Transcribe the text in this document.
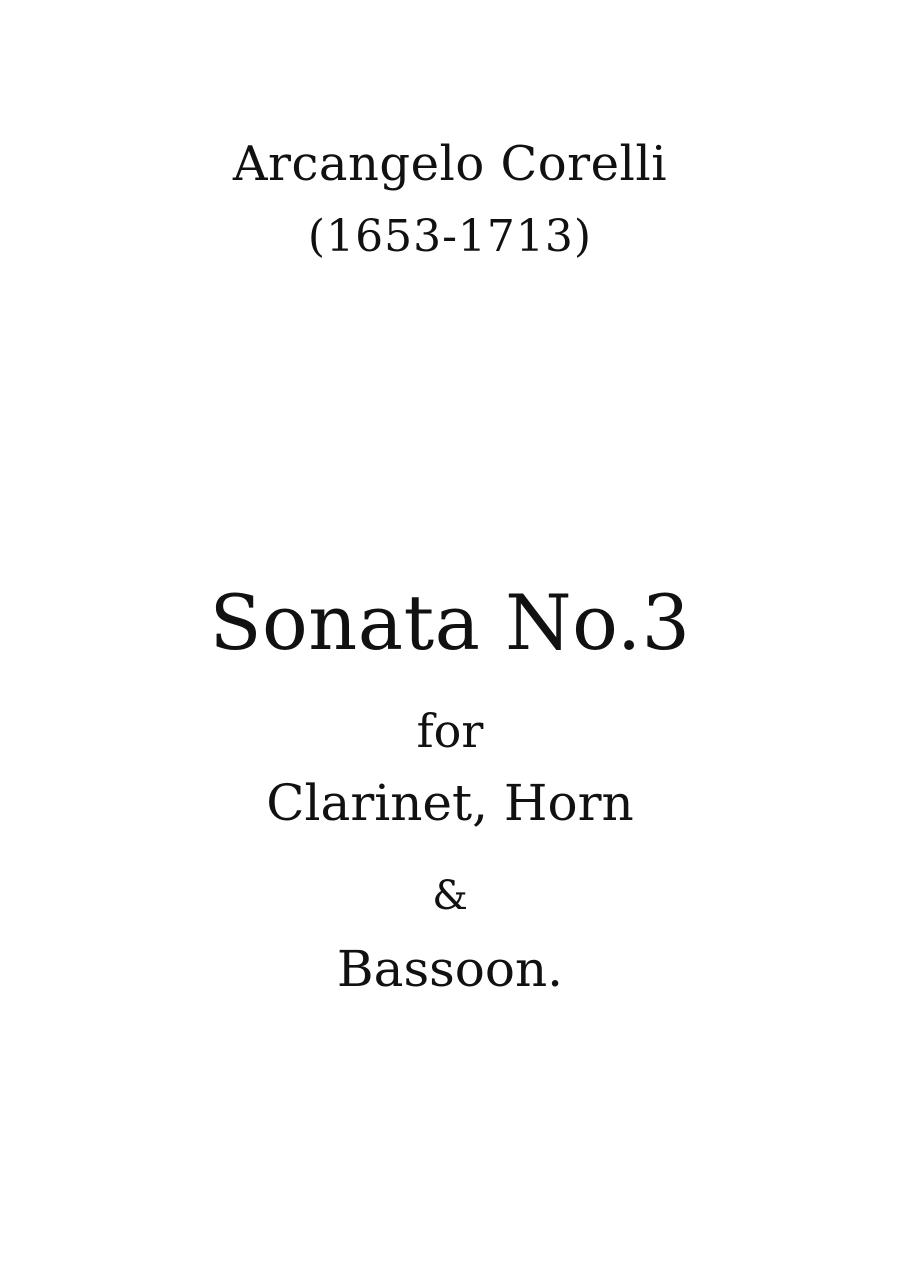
Arcangelo Corelli
(1653-1713)
Sonata No.3
for
Clarinet, Horn
&
Bassoon.
